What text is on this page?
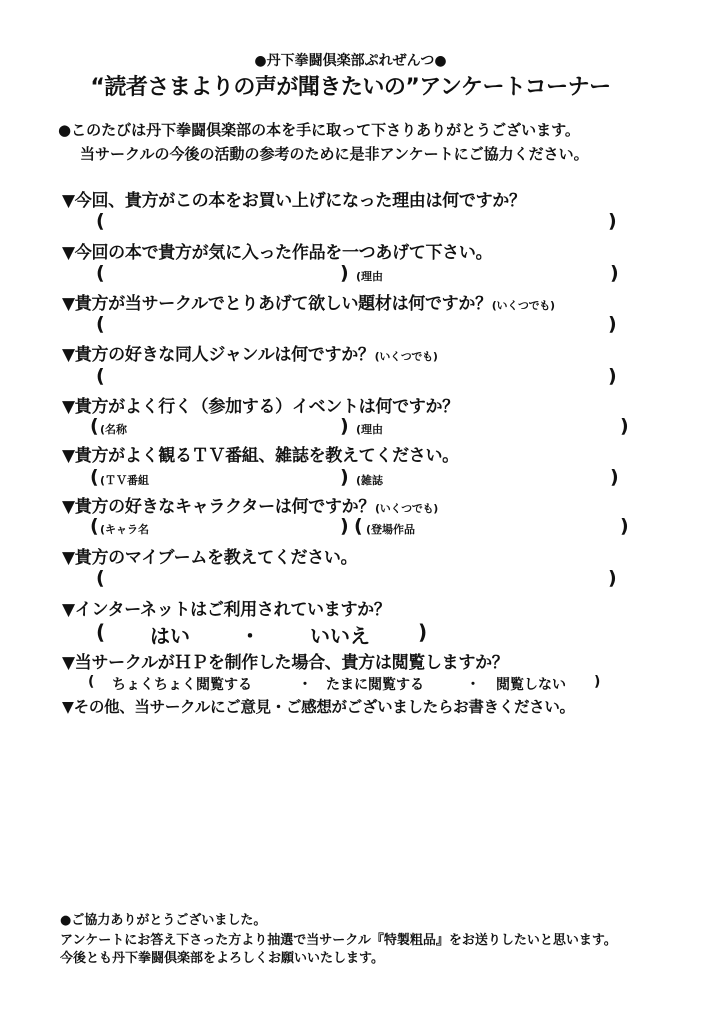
●丹下拳闘倶楽部ぷれぜんつ●
“読者さまよりの声が聞きたいの”アンケートコーナー
●このたびは丹下拳闘倶楽部の本を手に取って下さりありがとうございます。
当サークルの今後の活動の参考のために是非アンケートにご協力ください。
▼今回、貴方がこの本をお買い上げになった理由は何ですか？
(	)
▼今回の本で貴方が気に入った作品を一つあげて下さい。
(	) (理由	)
▼貴方が当サークルでとりあげて欲しい題材は何ですか？(いくつでも)
(	)
▼貴方の好きな同人ジャンルは何ですか？(いくつでも)
(	)
▼貴方がよく行く（参加する）イベントは何ですか？
( (名称	) (理由	)
▼貴方がよく観るＴＶ番組、雑誌を教えてください。
( (ＴＶ番組	) (雑誌	)
▼貴方の好きなキャラクターは何ですか？(いくつでも)
( (キャラ名	) ( (登場作品	)
▼貴方のマイブームを教えてください。
(	)
▼インターネットはご利用されていますか？
( はい	・	いいえ )
▼当サークルがＨＰを制作した場合、貴方は閲覧しますか？
( ちょくちょく閲覧する	・ たまに閲覧する	・ 閲覧しない )
▼その他、当サークルにご意見・ご感想がございましたらお書きください。
●ご協力ありがとうございました。
アンケートにお答え下さった方より抽選で当サークル『特製粗品』をお送りしたいと思います。
今後とも丹下拳闘倶楽部をよろしくお願いいたします。
